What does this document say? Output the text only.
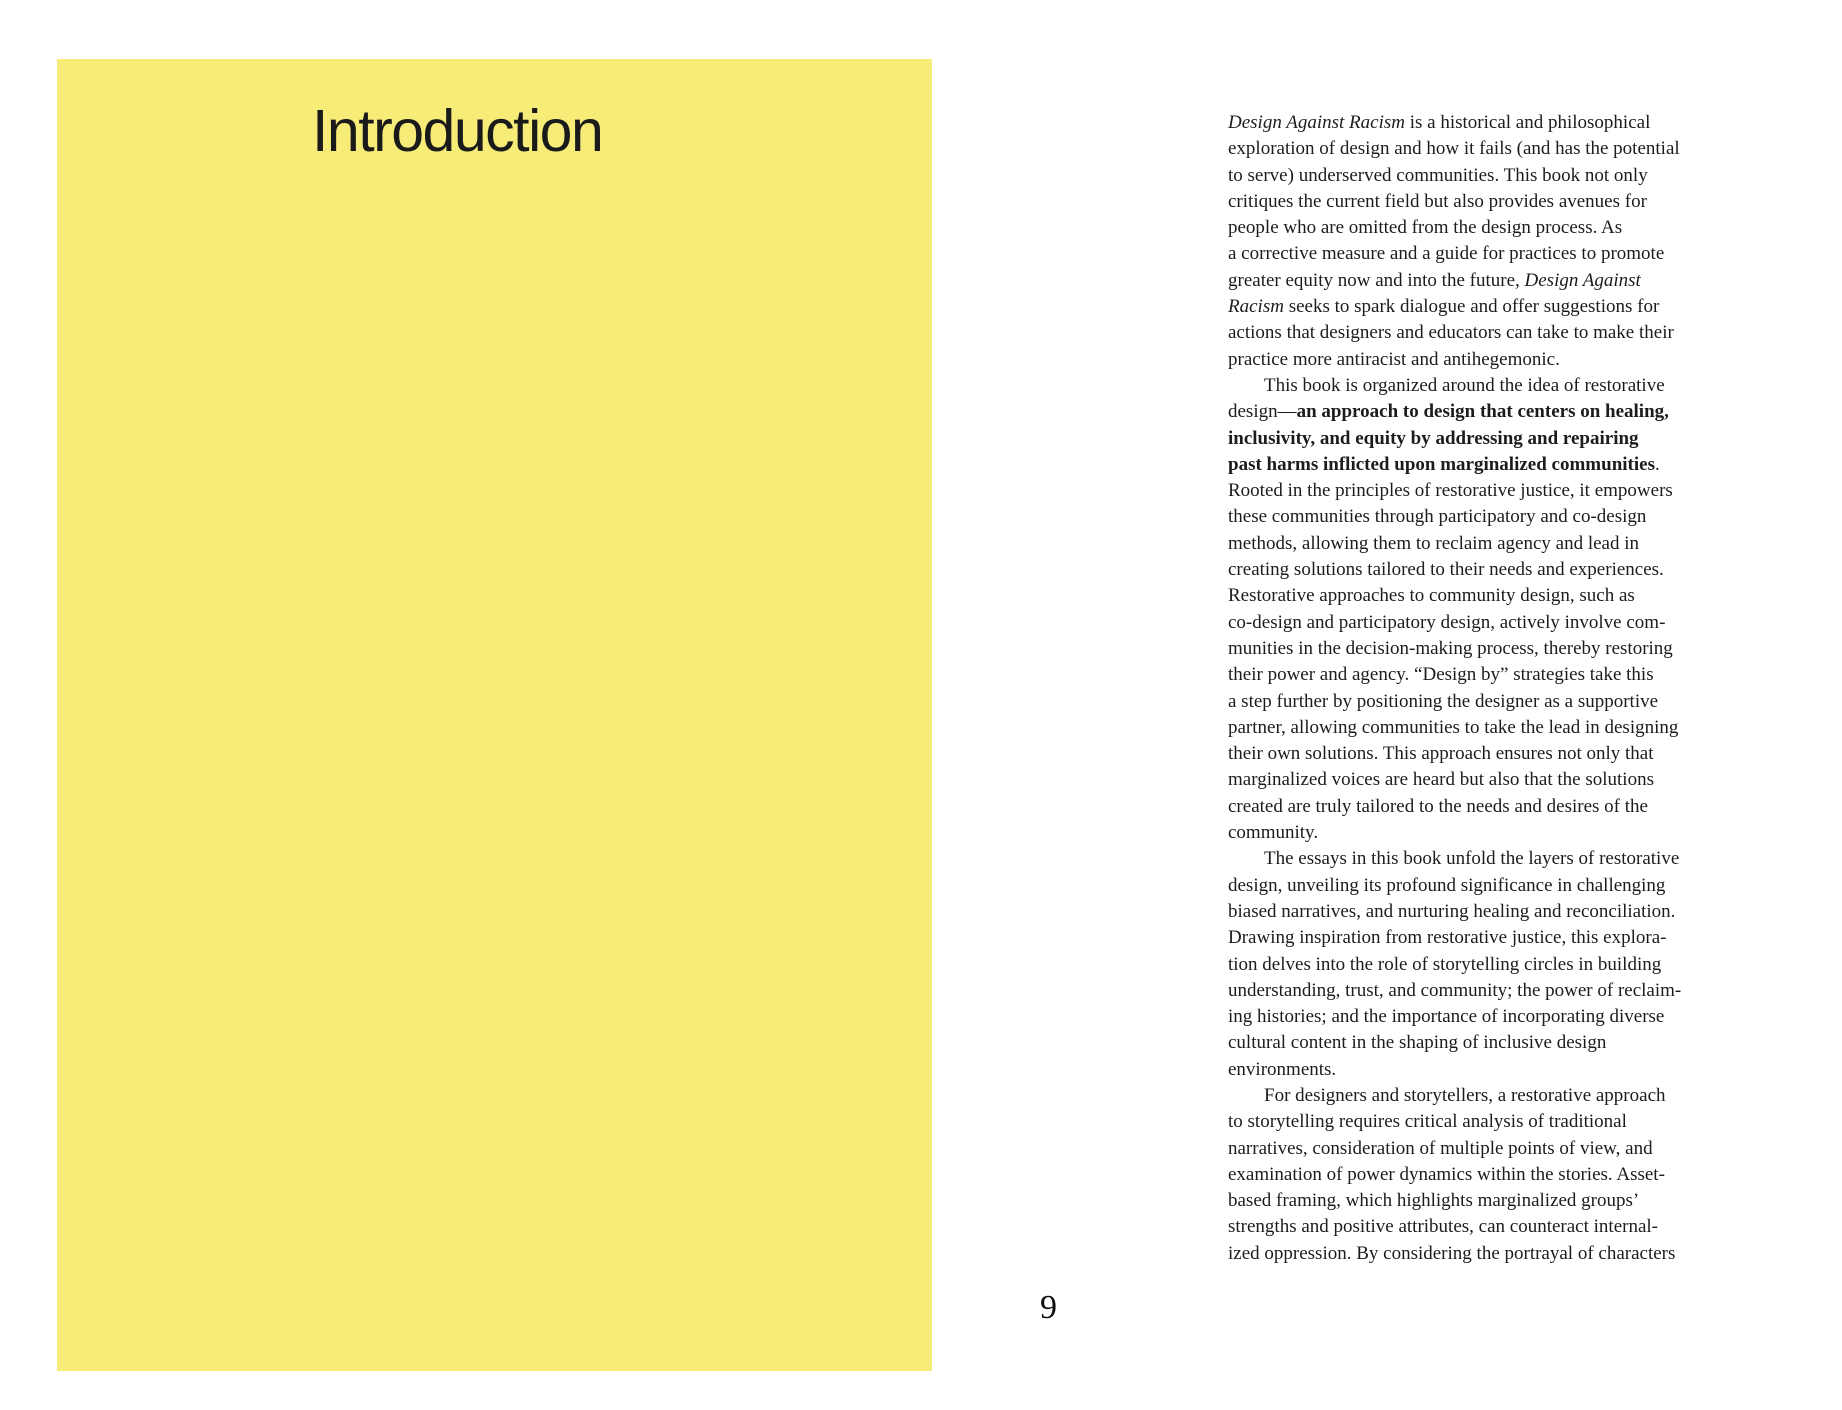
Introduction
9
Design Against Racism is a historical and philosophical
exploration of design and how it fails (and has the potential
to serve) underserved communities. This book not only
critiques the current field but also provides avenues for
people who are omitted from the design process. As
a corrective measure and a guide for practices to promote
greater equity now and into the future, Design Against
Racism seeks to spark dialogue and offer suggestions for
actions that designers and educators can take to make their
practice more antiracist and antihegemonic.
This book is organized around the idea of restorative
design—an approach to design that centers on healing,
inclusivity, and equity by addressing and repairing
past harms inflicted upon marginalized communities.
Rooted in the principles of restorative justice, it empowers
these communities through participatory and co-design
methods, allowing them to reclaim agency and lead in
creating solutions tailored to their needs and experiences.
Restorative approaches to community design, such as
co-design and participatory design, actively involve com-
munities in the decision-making process, thereby restoring
their power and agency. “Design by” strategies take this
a step further by positioning the designer as a supportive
partner, allowing communities to take the lead in designing
their own solutions. This approach ensures not only that
marginalized voices are heard but also that the solutions
created are truly tailored to the needs and desires of the
community.
The essays in this book unfold the layers of restorative
design, unveiling its profound significance in challenging
biased narratives, and nurturing healing and reconciliation.
Drawing inspiration from restorative justice, this explora-
tion delves into the role of storytelling circles in building
understanding, trust, and community; the power of reclaim-
ing histories; and the importance of incorporating diverse
cultural content in the shaping of inclusive design
environments.
For designers and storytellers, a restorative approach
to storytelling requires critical analysis of traditional
narratives, consideration of multiple points of view, and
examination of power dynamics within the stories. Asset-
based framing, which highlights marginalized groups’
strengths and positive attributes, can counteract internal-
ized oppression. By considering the portrayal of characters
